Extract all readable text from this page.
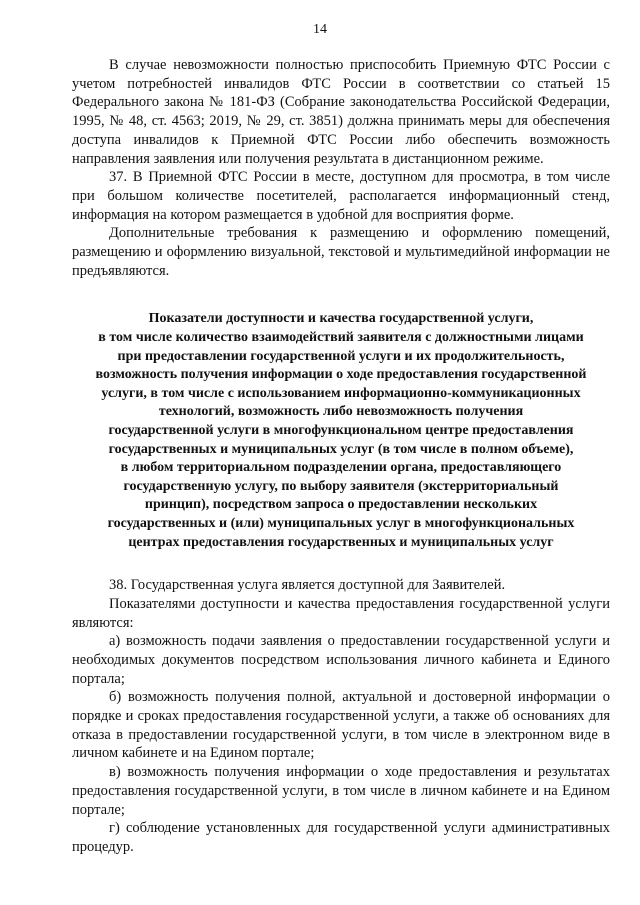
14

В случае невозможности полностью приспособить Приемную ФТС России с учетом потребностей инвалидов ФТС России в соответствии со статьей 15 Федерального закона № 181-ФЗ (Собрание законодательства Российской Федерации, 1995, № 48, ст. 4563; 2019, № 29, ст. 3851) должна принимать меры для обеспечения доступа инвалидов к Приемной ФТС России либо обеспечить возможность направления заявления или получения результата в дистанционном режиме.

37. В Приемной ФТС России в месте, доступном для просмотра, в том числе при большом количестве посетителей, располагается информационный стенд, информация на котором размещается в удобной для восприятия форме.

Дополнительные требования к размещению и оформлению помещений, размещению и оформлению визуальной, текстовой и мультимедийной информации не предъявляются.

Показатели доступности и качества государственной услуги,

в том числе количество взаимодействий заявителя с должностными лицами

при предоставлении государственной услуги и их продолжительность,

возможность получения информации о ходе предоставления государственной

услуги, в том числе с использованием информационно-коммуникационных

технологий, возможность либо невозможность получения

государственной услуги в многофункциональном центре предоставления

государственных и муниципальных услуг (в том числе в полном объеме),

в любом территориальном подразделении органа, предоставляющего

государственную услугу, по выбору заявителя (экстерриториальный

принцип), посредством запроса о предоставлении нескольких

государственных и (или) муниципальных услуг в многофункциональных

центрах предоставления государственных и муниципальных услуг

38. Государственная услуга является доступной для Заявителей.

Показателями доступности и качества предоставления государственной услуги являются:

а) возможность подачи заявления о предоставлении государственной услуги и необходимых документов посредством использования личного кабинета и Единого портала;

б) возможность получения полной, актуальной и достоверной информации о порядке и сроках предоставления государственной услуги, а также об основаниях для отказа в предоставлении государственной услуги, в том числе в электронном виде в личном кабинете и на Едином портале;

в) возможность получения информации о ходе предоставления и результатах предоставления государственной услуги, в том числе в личном кабинете и на Едином портале;

г) соблюдение установленных для государственной услуги административных процедур.
